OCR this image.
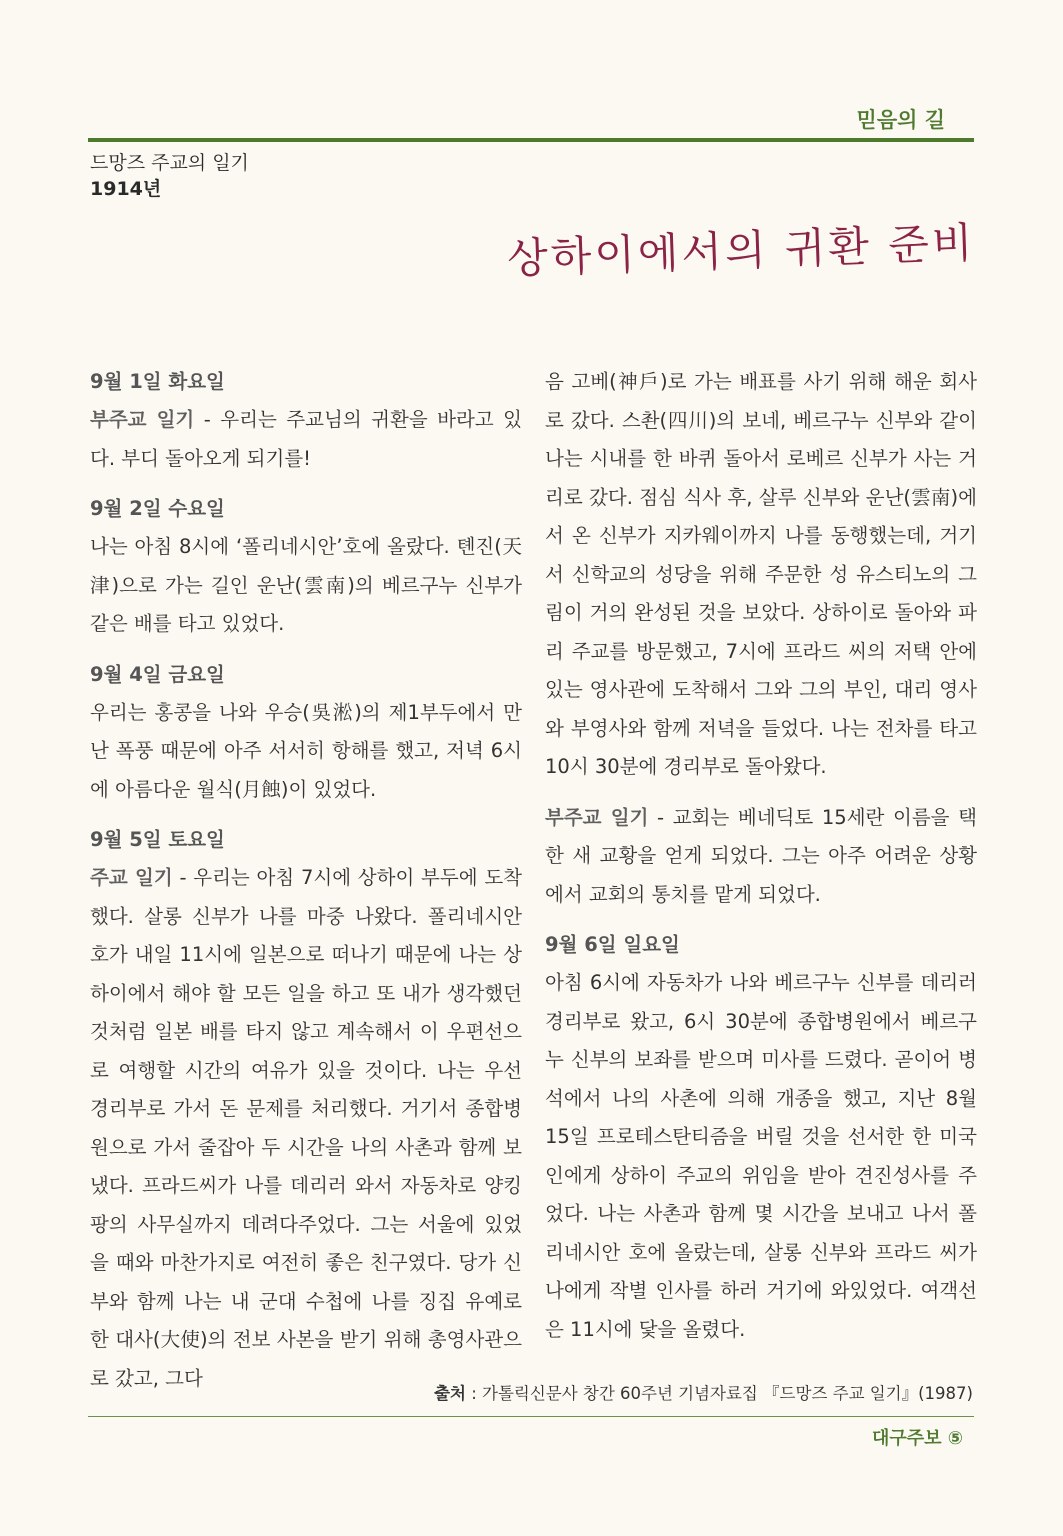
믿음의 길
드망즈 주교의 일기
1914년
상하이에서의 귀환 준비
9월 1일 화요일

부주교 일기 - 우리는 주교님의 귀환을 바라고 있다. 부디 돌아오게 되기를!

9월 2일 수요일

나는 아침 8시에 ‘폴리네시안’호에 올랐다. 톈진(天津)으로 가는 길인 운난(雲南)의 베르구누 신부가 같은 배를 타고 있었다.

9월 4일 금요일

우리는 홍콩을 나와 우승(吳淞)의 제1부두에서 만난 폭풍 때문에 아주 서서히 항해를 했고, 저녁 6시에 아름다운 월식(月蝕)이 있었다.

9월 5일 토요일

주교 일기 - 우리는 아침 7시에 상하이 부두에 도착했다. 살롱 신부가 나를 마중 나왔다. 폴리네시안 호가 내일 11시에 일본으로 떠나기 때문에 나는 상하이에서 해야 할 모든 일을 하고 또 내가 생각했던 것처럼 일본 배를 타지 않고 계속해서 이 우편선으로 여행할 시간의 여유가 있을 것이다. 나는 우선 경리부로 가서 돈 문제를 처리했다. 거기서 종합병원으로 가서 줄잡아 두 시간을 나의 사촌과 함께 보냈다. 프라드씨가 나를 데리러 와서 자동차로 양킹팡의 사무실까지 데려다주었다. 그는 서울에 있었을 때와 마찬가지로 여전히 좋은 친구였다. 당가 신부와 함께 나는 내 군대 수첩에 나를 징집 유예로 한 대사(大使)의 전보 사본을 받기 위해 총영사관으로 갔고, 그다

음 고베(神戶)로 가는 배표를 사기 위해 해운 회사로 갔다. 스촨(四川)의 보네, 베르구누 신부와 같이 나는 시내를 한 바퀴 돌아서 로베르 신부가 사는 거리로 갔다. 점심 식사 후, 살루 신부와 운난(雲南)에서 온 신부가 지카웨이까지 나를 동행했는데, 거기서 신학교의 성당을 위해 주문한 성 유스티노의 그림이 거의 완성된 것을 보았다. 상하이로 돌아와 파리 주교를 방문했고, 7시에 프라드 씨의 저택 안에 있는 영사관에 도착해서 그와 그의 부인, 대리 영사와 부영사와 함께 저녁을 들었다. 나는 전차를 타고 10시 30분에 경리부로 돌아왔다.

부주교 일기 - 교회는 베네딕토 15세란 이름을 택한 새 교황을 얻게 되었다. 그는 아주 어려운 상황에서 교회의 통치를 맡게 되었다.

9월 6일 일요일

아침 6시에 자동차가 나와 베르구누 신부를 데리러 경리부로 왔고, 6시 30분에 종합병원에서 베르구누 신부의 보좌를 받으며 미사를 드렸다. 곧이어 병석에서 나의 사촌에 의해 개종을 했고, 지난 8월 15일 프로테스탄티즘을 버릴 것을 선서한 한 미국인에게 상하이 주교의 위임을 받아 견진성사를 주었다. 나는 사촌과 함께 몇 시간을 보내고 나서 폴리네시안 호에 올랐는데, 살롱 신부와 프라드 씨가 나에게 작별 인사를 하러 거기에 와있었다. 여객선은 11시에 닻을 올렸다.

출처 : 가톨릭신문사 창간 60주년 기념자료집 『드망즈 주교 일기』(1987)
대구주보 ⑤
